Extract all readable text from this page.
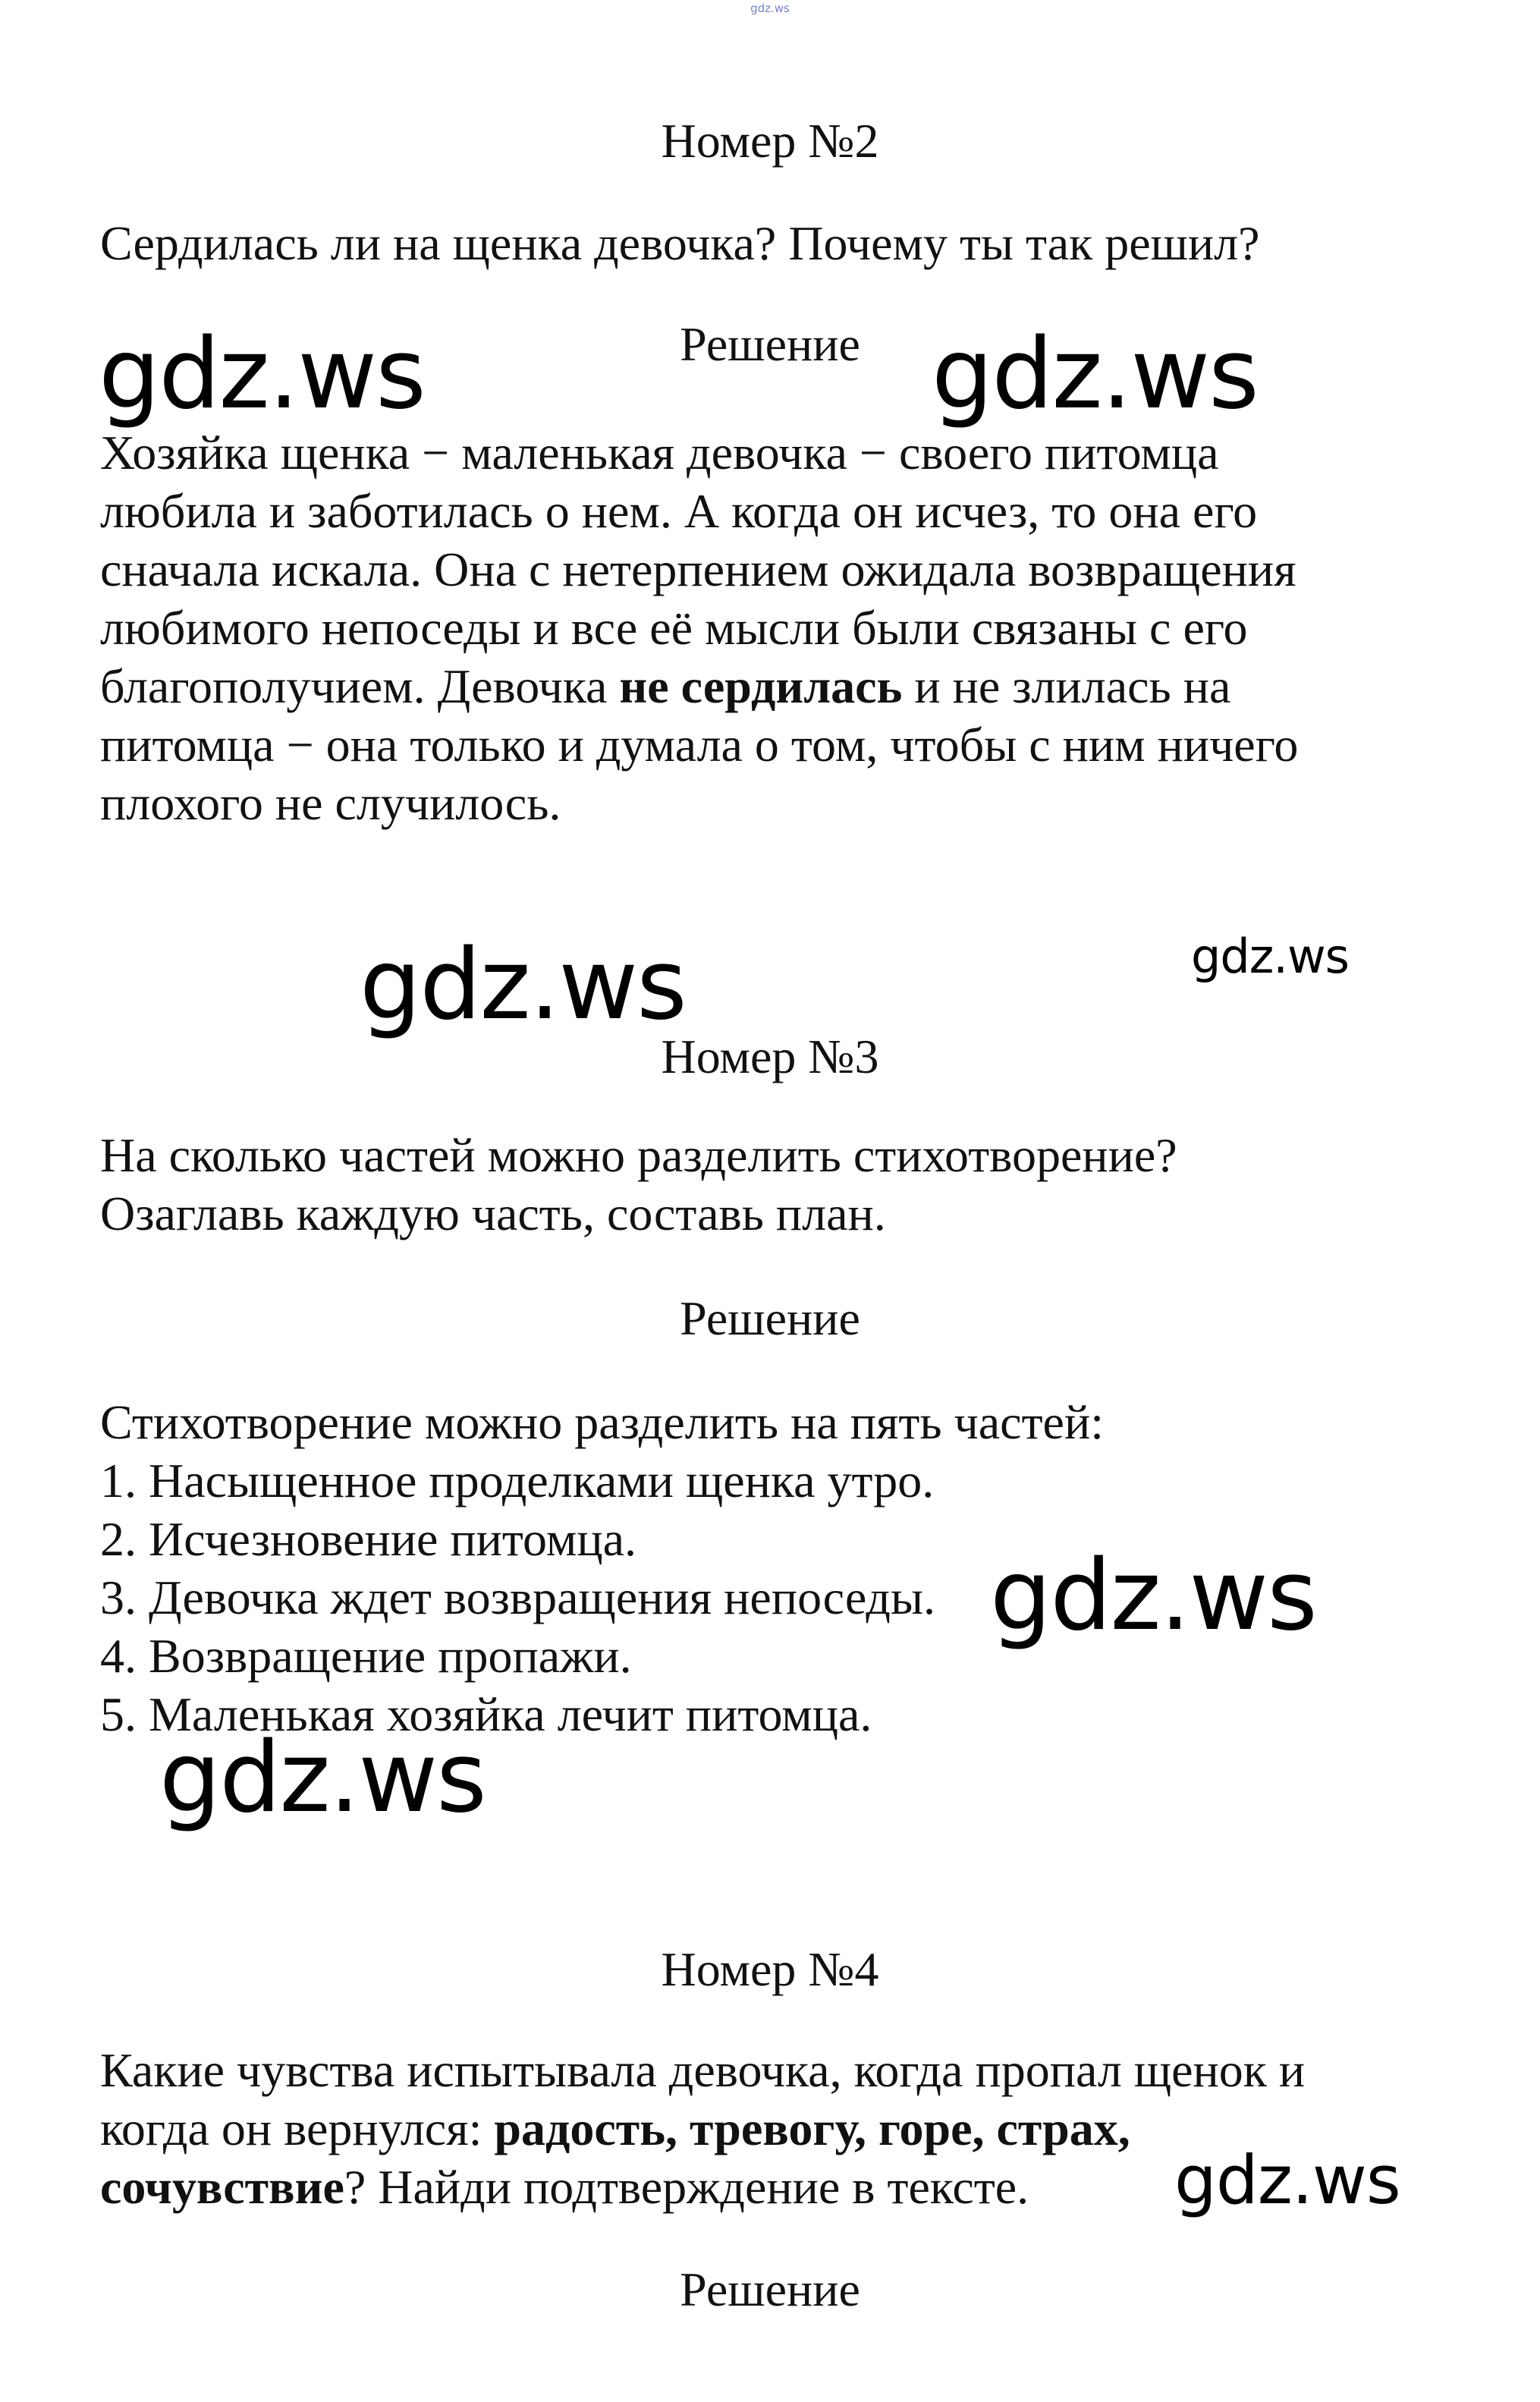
gdz.ws
Номер №2

Сердилась ли на щенка девочка? Почему ты так решил?

Решение

Хозяйка щенка − маленькая девочка − своего питомца
любила и заботилась о нем. А когда он исчез, то она его
сначала искала. Она с нетерпением ожидала возвращения
любимого непоседы и все её мысли были связаны с его
благополучием. Девочка не сердилась и не злилась на
питомца − она только и думала о том, чтобы с ним ничего
плохого не случилось.

Номер №3

На сколько частей можно разделить стихотворение?
Озаглавь каждую часть, составь план.

Решение

Стихотворение можно разделить на пять частей:
1. Насыщенное проделками щенка утро.
2. Исчезновение питомца.
3. Девочка ждет возвращения непоседы.
4. Возвращение пропажи.
5. Маленькая хозяйка лечит питомца.

Номер №4

Какие чувства испытывала девочка, когда пропал щенок и
когда он вернулся: радость, тревогу, горе, страх,
сочувствие? Найди подтверждение в тексте.

Решение
gdz.ws	gdz.ws
gdz.ws	gdz.ws
gdz.ws
gdz.ws
gdz.ws
